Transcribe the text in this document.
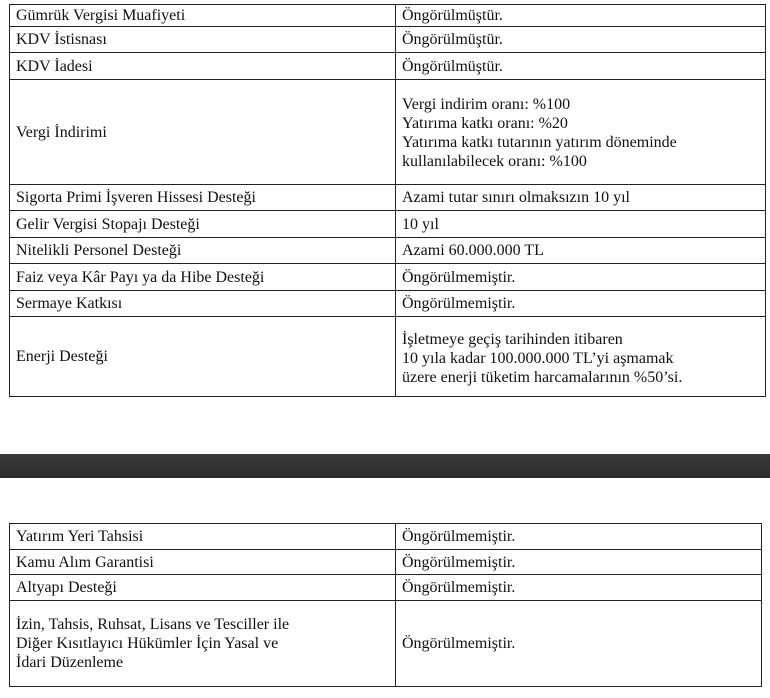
Gümrük Vergisi Muafiyeti	Öngörülmüştür.

KDV İstisnası	Öngörülmüştür.

KDV İadesi	Öngörülmüştür.

Vergi İndirimi	Vergi indirim oranı: %100
Yatırıma katkı oranı: %20
Yatırıma katkı tutarının yatırım döneminde
kullanılabilecek oranı: %100

Sigorta Primi İşveren Hissesi Desteği	Azami tutar sınırı olmaksızın 10 yıl

Gelir Vergisi Stopajı Desteği	10 yıl

Nitelikli Personel Desteği	Azami 60.000.000 TL

Faiz veya Kâr Payı ya da Hibe Desteği	Öngörülmemiştir.

Sermaye Katkısı	Öngörülmemiştir.

Enerji Desteği	İşletmeye geçiş tarihinden itibaren
10 yıla kadar 100.000.000 TL’yi aşmamak
üzere enerji tüketim harcamalarının %50’si.
Yatırım Yeri Tahsisi	Öngörülmemiştir.

Kamu Alım Garantisi	Öngörülmemiştir.

Altyapı Desteği	Öngörülmemiştir.

İzin, Tahsis, Ruhsat, Lisans ve Tesciller ile
Diğer Kısıtlayıcı Hükümler İçin Yasal ve
İdari Düzenleme	Öngörülmemiştir.
